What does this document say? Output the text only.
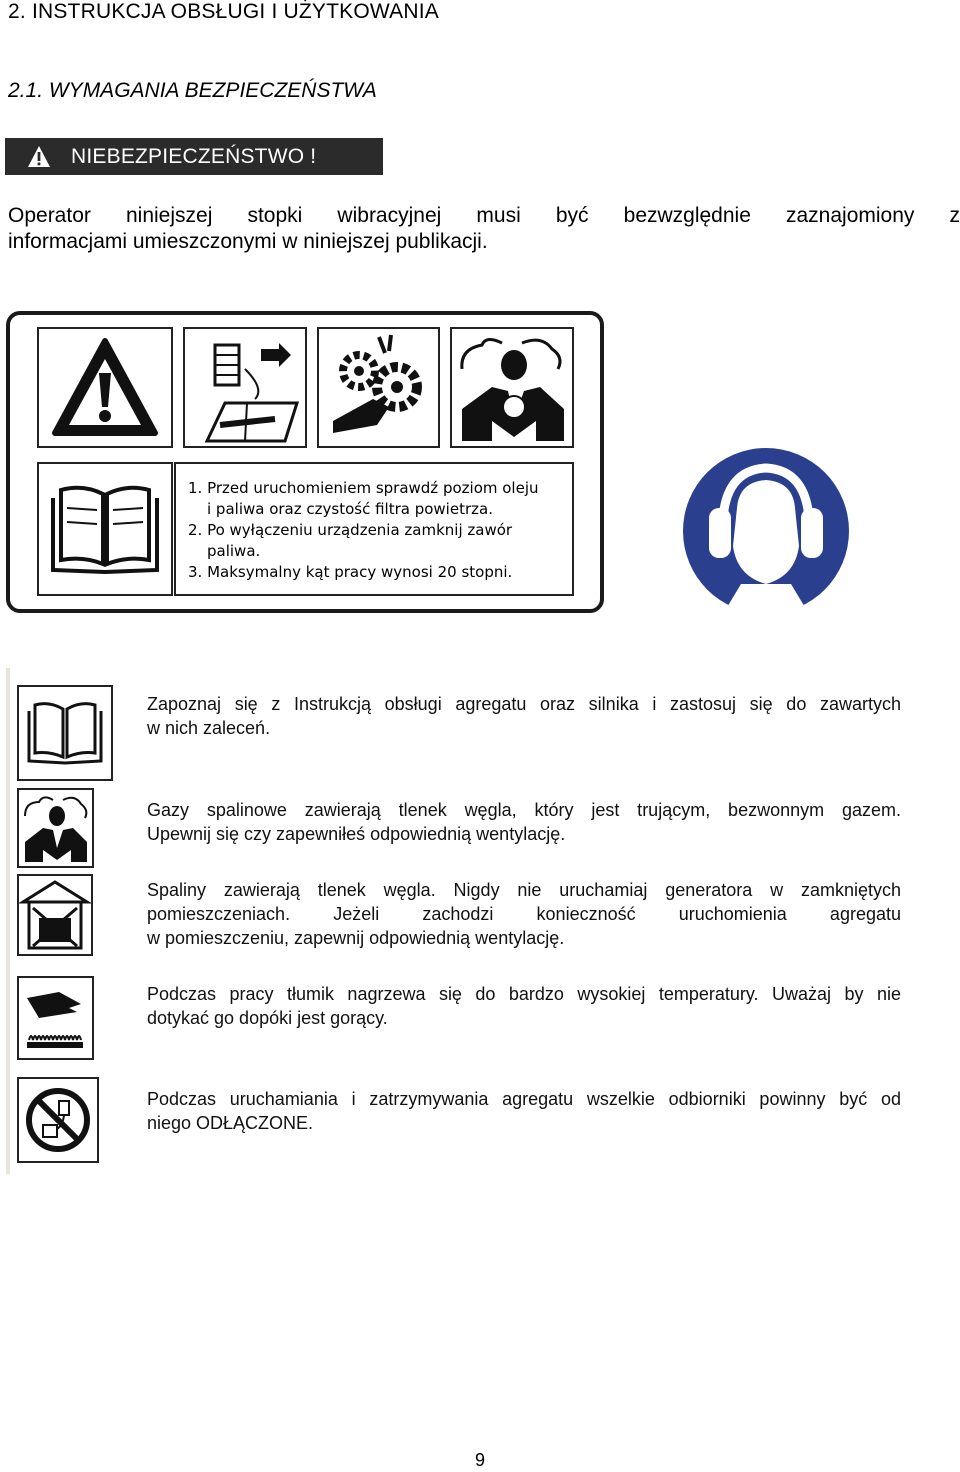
2. INSTRUKCJA OBSŁUGI I UŻYTKOWANIA
2.1. WYMAGANIA BEZPIECZEŃSTWA
NIEBEZPIECZEŃSTWO !
Operator niniejszej stopki wibracyjnej musi być bezwzględnie zaznajomiony z
informacjami umieszczonymi w niniejszej publikacji.

1. Przed uruchomieniem sprawdź poziom oleju

i paliwa oraz czystość filtra powietrza.

2. Po wyłączeniu urządzenia zamknij zawór

paliwa.

3. Maksymalny kąt pracy wynosi 20 stopni.

Zapoznaj się z Instrukcją obsługi agregatu oraz silnika i zastosuj się do zawartych
w nich zaleceń.
Gazy spalinowe zawierają tlenek węgla, który jest trującym, bezwonnym gazem.
Upewnij się czy zapewniłeś odpowiednią wentylację.
Spaliny zawierają tlenek węgla. Nigdy nie uruchamiaj generatora w zamkniętych
pomieszczeniach. Jeżeli zachodzi konieczność uruchomienia agregatu
w pomieszczeniu, zapewnij odpowiednią wentylację.
Podczas pracy tłumik nagrzewa się do bardzo wysokiej temperatury. Uważaj by nie
dotykać go dopóki jest gorący.
Podczas uruchamiania i zatrzymywania agregatu wszelkie odbiorniki powinny być od
niego ODŁĄCZONE.
9
